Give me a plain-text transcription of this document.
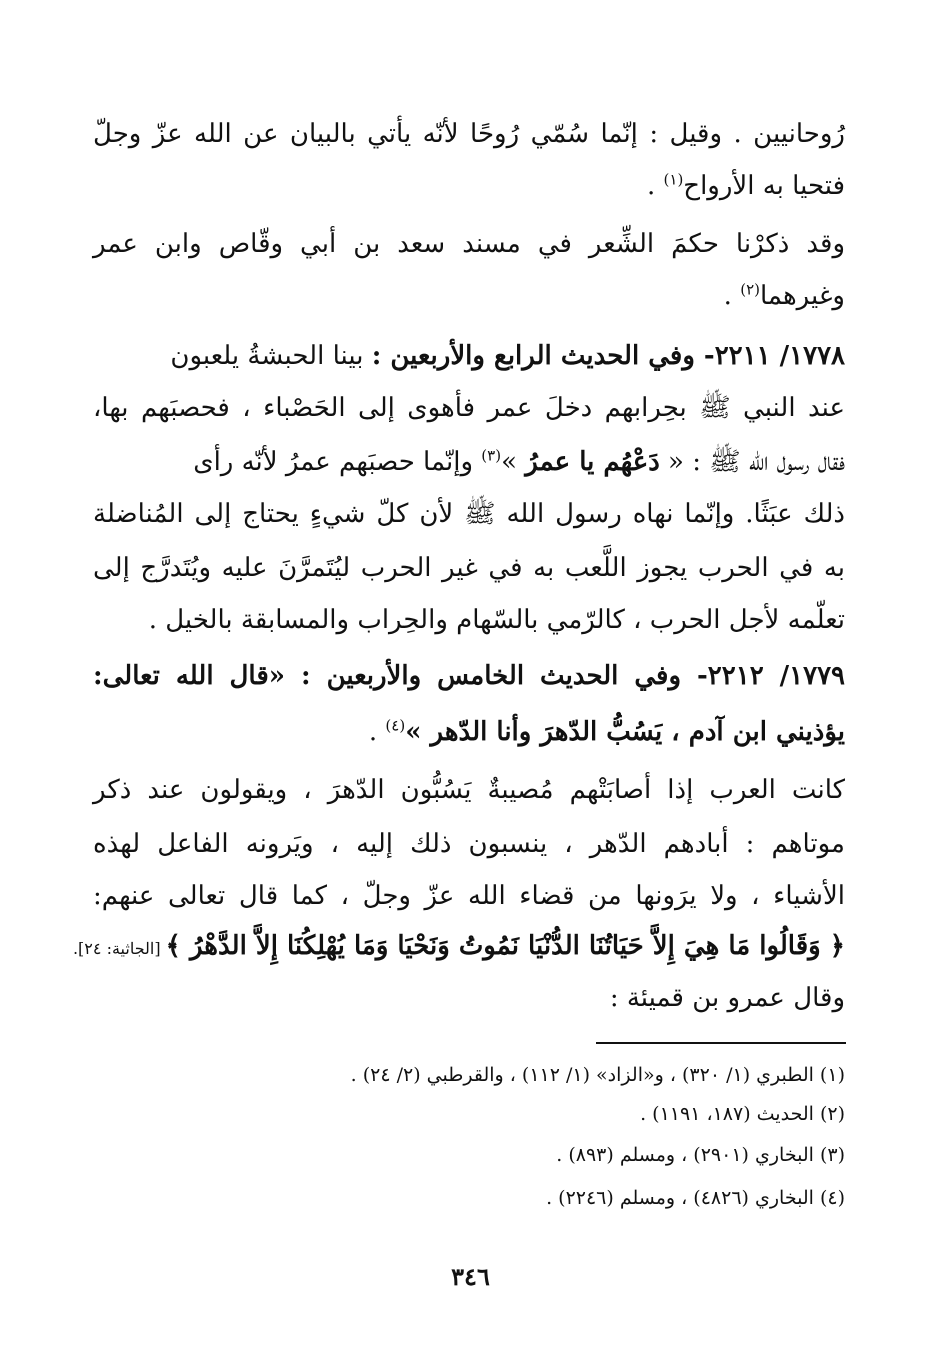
رُوحانيين . وقيل : إنّما سُمّي رُوحًا لأنّه يأتي بالبيان عن الله عزّ وجلّ
فتحيا به الأرواح$^{(١)}$ .
وقد ذكرْنا حكمَ الشِّعر في مسند سعد بن أبي وقّاص وابن عمر
وغيرهما$^{(٢)}$ .
١٧٧٨/ ٢٢١١- وفي الحديث الرابع والأربعين : بينا الحبشةُ يلعبون
عند النبي ﷺ بحِرابهم دخلَ عمر فأهوى إلى الحَصْباء ، فحصبَهم بها،
فقال رسول الله ﷺ : « دَعْهُم يا عمرُ »$^{(٣)}$ وإنّما حصبَهم عمرُ لأنّه رأى
ذلك عبَثًا. وإنّما نهاه رسول الله ﷺ لأن كلّ شيءٍ يحتاج إلى المُناضلة
به في الحرب يجوز اللَّعب به في غير الحرب ليُتَمرَّنَ عليه ويُتَدرَّج إلى
تعلّمه لأجل الحرب ، كالرّمي بالسّهام والحِراب والمسابقة بالخيل .
١٧٧٩/ ٢٢١٢- وفي الحديث الخامس والأربعين : «قال الله تعالى:
يؤذيني ابن آدم ، يَسُبُّ الدّهرَ وأنا الدّهر »$^{(٤)}$ .
كانت العرب إذا أصابَتْهم مُصيبةٌ يَسُبُّون الدّهرَ ، ويقولون عند ذكر
موتاهم : أبادهم الدّهر ، ينسبون ذلك إليه ، ويَرونه الفاعل لهذه
الأشياء ، ولا يرَونها من قضاء الله عزّ وجلّ ، كما قال تعالى عنهم:
﴿ وَقَالُوا مَا هِيَ إِلاَّ حَيَاتُنَا الدُّنْيَا نَمُوتُ وَنَحْيَا وَمَا يُهْلِكُنَا إِلاَّ الدَّهْرُ ﴾ [الجاثية: ٢٤].
وقال عمرو بن قميئة :
(١) الطبري (١/ ٣٢٠) ، و«الزاد» (١/ ١١٢) ، والقرطبي (٢/ ٢٤) .
(٢) الحديث (١٨٧، ١١٩١) .
(٣) البخاري (٢٩٠١) ، ومسلم (٨٩٣) .
(٤) البخاري (٤٨٢٦) ، ومسلم (٢٢٤٦) .
٣٤٦
